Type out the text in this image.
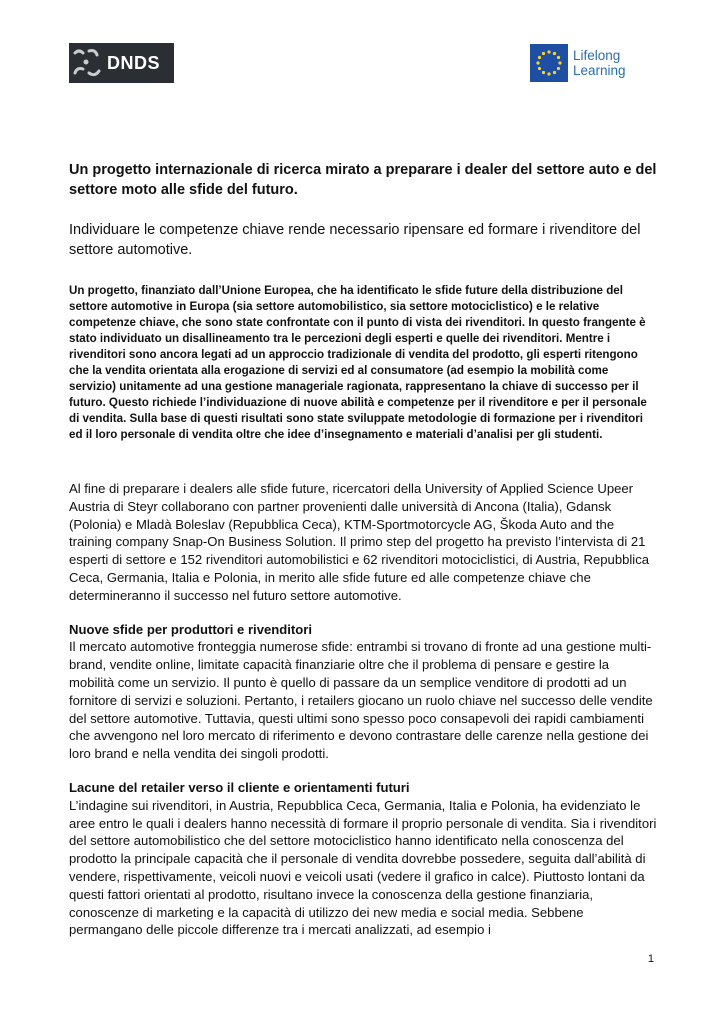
DNDS	Lifelong
Learning
Un progetto internazionale di ricerca mirato a preparare i dealer del settore auto e del settore moto alle sfide del futuro.

Individuare le competenze chiave rende necessario ripensare ed formare i rivenditore del settore automotive.

Un progetto, finanziato dall’Unione Europea, che ha identificato le sfide future della distribuzione del settore automotive in Europa (sia settore automobilistico, sia settore motociclistico) e le relative competenze chiave, che sono state confrontate con il punto di vista dei rivenditori. In questo frangente è stato individuato un disallineamento tra le percezioni degli esperti e quelle dei rivenditori. Mentre i rivenditori sono ancora legati ad un approccio tradizionale di vendita del prodotto, gli esperti ritengono che la vendita orientata alla erogazione di servizi ed al consumatore (ad esempio la mobilità come servizio) unitamente ad una gestione manageriale ragionata, rappresentano la chiave di successo per il futuro. Questo richiede l’individuazione di nuove abilità e competenze per il rivenditore e per il personale di vendita. Sulla base di questi risultati sono state sviluppate metodologie di formazione per i rivenditori ed il loro personale di vendita oltre che idee d’insegnamento e materiali d’analisi per gli studenti.

Al fine di preparare i dealers alle sfide future, ricercatori della University of Applied Science Upeer Austria di Steyr collaborano con partner provenienti dalle università di Ancona (Italia), Gdansk (Polonia) e Mladà Boleslav (Repubblica Ceca), KTM-Sportmotorcycle AG, Škoda Auto and the training company Snap-On Business Solution. Il primo step del progetto ha previsto l’intervista di 21 esperti di settore e 152 rivenditori automobilistici e 62 rivenditori motociclistici, di Austria, Repubblica Ceca, Germania, Italia e Polonia, in merito alle sfide future ed alle competenze chiave che determineranno il successo nel futuro settore automotive.

Nuove sfide per produttori e rivenditori

Il mercato automotive fronteggia numerose sfide: entrambi si trovano di fronte ad una gestione multi-brand, vendite online, limitate capacità finanziarie oltre che il problema di pensare e gestire la mobilità come un servizio. Il punto è quello di passare da un semplice venditore di prodotti ad un fornitore di servizi e soluzioni. Pertanto, i retailers giocano un ruolo chiave nel successo delle vendite del settore automotive. Tuttavia, questi ultimi sono spesso poco consapevoli dei rapidi cambiamenti che avvengono nel loro mercato di riferimento e devono contrastare delle carenze nella gestione dei loro brand e nella vendita dei singoli prodotti.

Lacune del retailer verso il cliente e orientamenti futuri

L’indagine sui rivenditori, in Austria, Repubblica Ceca, Germania, Italia e Polonia, ha evidenziato le aree entro le quali i dealers hanno necessità di formare il proprio personale di vendita. Sia i rivenditori del settore automobilistico che del settore motociclistico hanno identificato nella conoscenza del prodotto la principale capacità che il personale di vendita dovrebbe possedere, seguita dall’abilità di vendere, rispettivamente, veicoli nuovi e veicoli usati (vedere il grafico in calce). Piuttosto lontani da questi fattori orientati al prodotto, risultano invece la conoscenza della gestione finanziaria, conoscenze di marketing e la capacità di utilizzo dei new media e social media. Sebbene permangano delle piccole differenze tra i mercati analizzati, ad esempio i

1
